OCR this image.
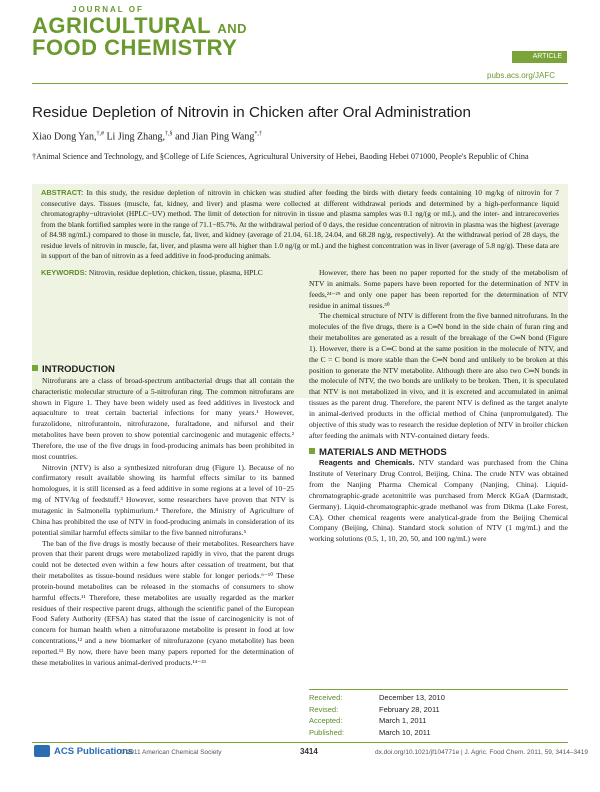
JOURNAL OF
AGRICULTURAL AND
FOOD CHEMISTRY	ARTICLE
pubs.acs.org/JAFC
Residue Depletion of Nitrovin in Chicken after Oral Administration
Xiao Dong Yan,†,# Li Jing Zhang,†,§ and Jian Ping Wang*,†
†Animal Science and Technology, and §College of Life Sciences, Agricultural University of Hebei, Baoding Hebei 071000, People's Republic of China
ABSTRACT: In this study, the residue depletion of nitrovin in chicken was studied after feeding the birds with dietary feeds containing 10 mg/kg of nitrovin for 7 consecutive days. Tissues (muscle, fat, kidney, and liver) and plasma were collected at different withdrawal periods and determined by a high-performance liquid chromatography−ultraviolet (HPLC−UV) method. The limit of detection for nitrovin in tissue and plasma samples was 0.1 ng/(g or mL), and the inter- and intrarecoveries from the blank fortified samples were in the range of 71.1−85.7%. At the withdrawal period of 0 days, the residue concentration of nitrovin in plasma was the highest (average of 84.98 ng/mL) compared to those in muscle, fat, liver, and kidney (average of 21.04, 61.18, 24.04, and 68.28 ng/g, respectively). At the withdrawal period of 28 days, the residue levels of nitrovin in muscle, fat, liver, and plasma were all higher than 1.0 ng/(g or mL) and the highest concentration was in liver (average of 5.8 ng/g). These data are in support of the ban of nitrovin as a feed additive in food-producing animals.
KEYWORDS: Nitrovin, residue depletion, chicken, tissue, plasma, HPLC

INTRODUCTION

Nitrofurans are a class of broad-spectrum antibacterial drugs that all contain the characteristic molecular structure of a 5-nitrofuran ring. The common nitrofurans are shown in Figure 1. They have been widely used as feed additives in livestock and aquaculture to treat certain bacterial infections for many years.¹ However, furazolidone, nitrofurantoin, nitrofurazone, furaltadone, and nifursol and their metabolites have been proven to show potential carcinogenic and mutagenic effects.² Therefore, the use of the five drugs in food-producing animals has been prohibited in most countries.

Nitrovin (NTV) is also a synthesized nitrofuran drug (Figure 1). Because of no confirmatory result available showing its harmful effects similar to its banned homologues, it is still licensed as a feed additive in some regions at a level of 10−25 mg of NTV/kg of feedstuff.³ However, some researchers have proven that NTV is mutagenic in Salmonella typhimurium.⁴ Therefore, the Ministry of Agriculture of China has prohibited the use of NTV in food-producing animals in consideration of its potential similar harmful effects similar to the five banned nitrofurans.⁵

The ban of the five drugs is mostly because of their metabolites. Researchers have proven that their parent drugs were metabolized rapidly in vivo, that the parent drugs could not be detected even within a few hours after cessation of treatment, but that their metabolites as tissue-bound residues were stable for longer periods.⁶⁻¹⁰ These protein-bound metabolites can be released in the stomachs of consumers to show harmful effects.¹¹ Therefore, these metabolites are usually regarded as the marker residues of their respective parent drugs, although the scientific panel of the European Food Safety Authority (EFSA) has stated that the issue of carcinogenicity is not of concern for human health when a nitrofurazone metabolite is present in food at low concentrations,¹² and a new biomarker of nitrofurazone (cyano metabolite) has been reported.¹³ By now, there have been many papers reported for the determination of these metabolites in various animal-derived products.¹⁴⁻²³

However, there has been no paper reported for the study of the metabolism of NTV in animals. Some papers have been reported for the determination of NTV in feeds,²⁴⁻²⁹ and only one paper has been reported for the determination of NTV residue in animal tissues.³⁰

The chemical structure of NTV is different from the five banned nitrofurans. In the molecules of the five drugs, there is a C═N bond in the side chain of furan ring and their metabolites are generated as a result of the breakage of the C═N bond (Figure 1). However, there is a C═C bond at the same position in the molecule of NTV, and the C = C bond is more stable than the C═N bond and unlikely to be broken at this position to generate the NTV metabolite. Although there are also two C═N bonds in the molecule of NTV, the two bonds are unlikely to be broken. Then, it is speculated that NTV is not metabolized in vivo, and it is excreted and accumulated in animal tissues as the parent drug. Therefore, the parent NTV is defined as the target analyte in animal-derived products in the official method of China (unpromulgated). The objective of this study was to research the residue depletion of NTV in broiler chicken after feeding the animals with NTV-contained dietary feeds.

MATERIALS AND METHODS

Reagents and Chemicals. NTV standard was purchased from the China Institute of Veterinary Drug Control, Beijing, China. The crude NTV was obtained from the Nanjing Pharma Chemical Company (Nanjing, China). Liquid-chromatographic-grade acetonitrile was purchased from Merck KGaA (Darmstadt, Germany). Liquid-chromatographic-grade methanol was from Dikma (Lake Forest, CA). Other chemical reagents were analytical-grade from the Beijing Chemical Company (Beijing, China). Standard stock solution of NTV (1 mg/mL) and the working solutions (0.5, 1, 10, 20, 50, and 100 ng/mL) were

Received:	December 13, 2010
Revised:	February 28, 2011
Accepted:	March 1, 2011
Published:	March 10, 2011
ACS Publications
© 2011 American Chemical Society	3414	dx.doi.org/10.1021/jf104771e | J. Agric. Food Chem. 2011, 59, 3414–3419
